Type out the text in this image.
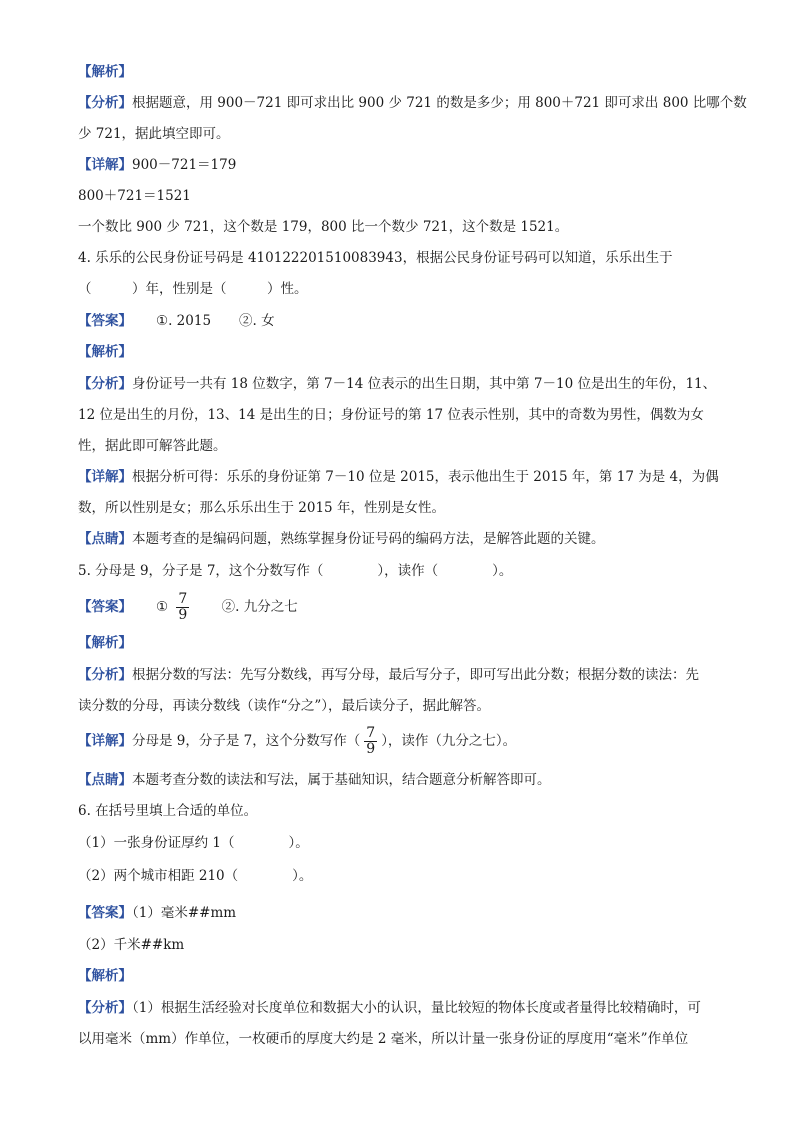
【解析】
【分析】根据题意，用 900－721 即可求出比 900 少 721 的数是多少；用 800＋721 即可求出 800 比哪个数
少 721，据此填空即可。
【详解】900－721＝179
800＋721＝1521
一个数比 900 少 721，这个数是 179，800 比一个数少 721，这个数是 1521。
4. 乐乐的公民身份证号码是 410122201510083943，根据公民身份证号码可以知道，乐乐出生于
（　　　）年，性别是（　　　）性。
【答案】 ①. 2015 ②. 女
【解析】
【分析】身份证号一共有 18 位数字，第 7－14 位表示的出生日期，其中第 7－10 位是出生的年份，11、
12 位是出生的月份，13、14 是出生的日；身份证号的第 17 位表示性别，其中的奇数为男性，偶数为女
性，据此即可解答此题。
【详解】根据分析可得：乐乐的身份证第 7－10 位是 2015，表示他出生于 2015 年，第 17 为是 4，为偶
数，所以性别是女；那么乐乐出生于 2015 年，性别是女性。
【点睛】本题考查的是编码问题，熟练掌握身份证号码的编码方法，是解答此题的关键。
5. 分母是 9，分子是 7，这个分数写作（　　　　），读作（　　　　）。
【答案】 ① $\frac{7}{9}$ ②. 九分之七
【解析】
【分析】根据分数的写法：先写分数线，再写分母，最后写分子，即可写出此分数；根据分数的读法：先
读分数的分母，再读分数线（读作“分之”），最后读分子，据此解答。
【详解】分母是 9，分子是 7，这个分数写作（ $\frac{7}{9}$ ），读作（九分之七）。
【点睛】本题考查分数的读法和写法，属于基础知识，结合题意分析解答即可。
6. 在括号里填上合适的单位。
（1）一张身份证厚约 1（　　　　）。
（2）两个城市相距 210（　　　　）。
【答案】（1）毫米##mm
（2）千米##km
【解析】
【分析】（1）根据生活经验对长度单位和数据大小的认识，量比较短的物体长度或者量得比较精确时，可
以用毫米（mm）作单位，一枚硬币的厚度大约是 2 毫米，所以计量一张身份证的厚度用“毫米”作单位
